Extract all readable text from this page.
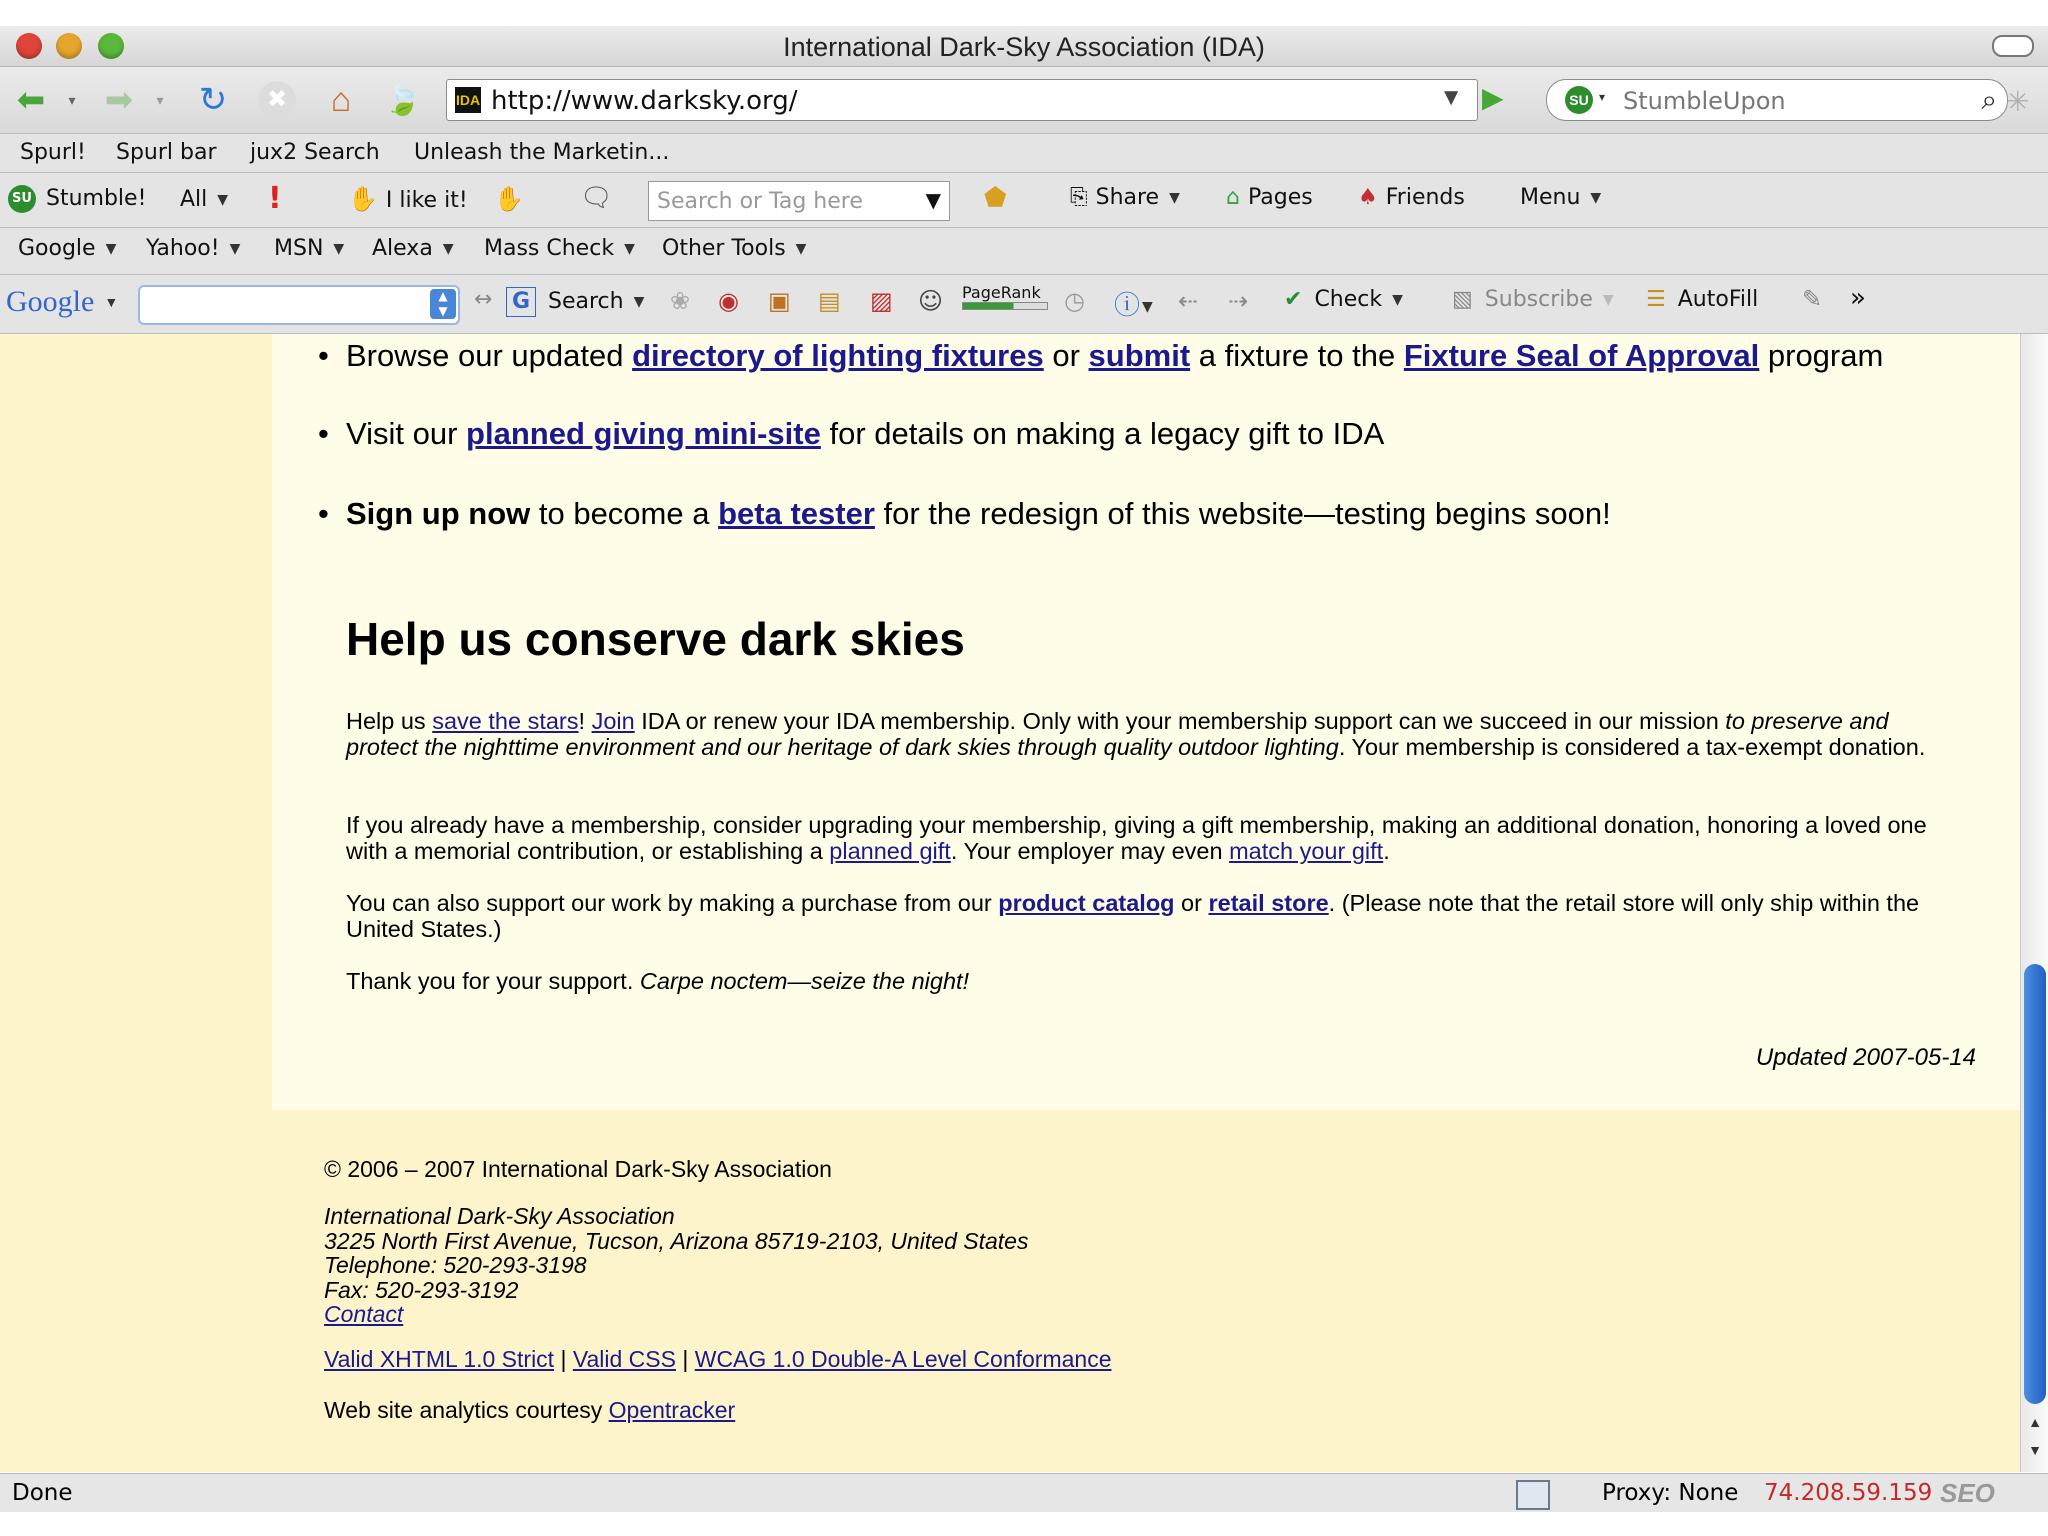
International Dark-Sky Association (IDA)
⬅	▾ ➡	▾ ↻	✖	⌂	🍃	IDA http://www.darksky.org/	▼ ▶	SU ▾ StumbleUpon	⌕ ✳
Spurl! Spurl bar jux2 Search Unleash the Marketin...
SU Stumble! All ▼ !	✋ I like it! ✋ 🗨 Search or Tag here	▼ ⬟	⎘ Share ▼ ⌂ Pages ♠ Friends	Menu ▼
Google ▼ Yahoo! ▼ MSN ▼ Alexa ▼ Mass Check ▼ Other Tools ▼
Google ▼
▲
▼	↔ G Search ▼ ❀ ◉ ▣ ▤ ▨ ☺ PageRank ◷ ⓘ ▼ ⇠ ⇢ ✔ Check ▼ ▧ Subscribe ▼ ☰ AutoFill ✎ »
• Browse our updated directory of lighting fixtures or submit a fixture to the Fixture Seal of Approval program
• Visit our planned giving mini-site for details on making a legacy gift to IDA
• Sign up now to become a beta tester for the redesign of this website—testing begins soon!
Help us conserve dark skies
Help us save the stars! Join IDA or renew your IDA membership. Only with your membership support can we succeed in our mission to preserve and protect the nighttime environment and our heritage of dark skies through quality outdoor lighting. Your membership is considered a tax-exempt donation.
If you already have a membership, consider upgrading your membership, giving a gift membership, making an additional donation, honoring a loved one with a memorial contribution, or establishing a planned gift. Your employer may even match your gift.
You can also support our work by making a purchase from our product catalog or retail store. (Please note that the retail store will only ship within the United States.)
Thank you for your support. Carpe noctem—seize the night!
Updated 2007-05-14
© 2006 – 2007 International Dark-Sky Association
International Dark-Sky Association
3225 North First Avenue, Tucson, Arizona 85719-2103, United States
Telephone: 520-293-3198
Fax: 520-293-3192
Contact
Valid XHTML 1.0 Strict | Valid CSS | WCAG 1.0 Double-A Level Conformance
Web site analytics courtesy Opentracker	▲
▼
Done	Proxy: None 74.208.59.159 SEO
